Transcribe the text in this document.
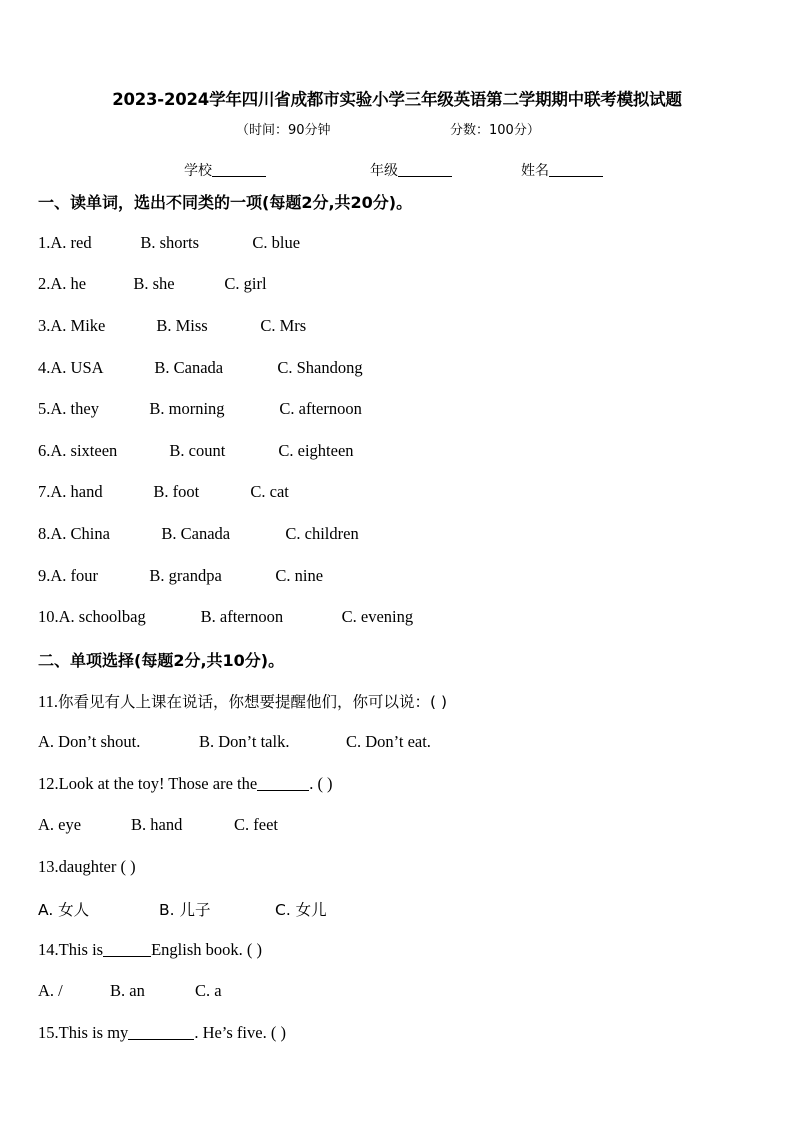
2023-2024学年四川省成都市实验小学三年级英语第二学期期中联考模拟试题
（时间：90分钟	分数：100分）
学校	年级	姓名
一、读单词，选出不同类的一项(每题2分,共20分)。
1.A. red	B. shorts	C. blue
2.A. he	B. she	C. girl
3.A. Mike	B. Miss	C. Mrs
4.A. USA	B. Canada	C. Shandong
5.A. they	B. morning	C. afternoon
6.A. sixteen	B. count	C. eighteen
7.A. hand	B. foot	C. cat
8.A. China	B. Canada	C. children
9.A. four	B. grandpa	C. nine
10.A. schoolbag	B. afternoon	C. evening
二、单项选择(每题2分,共10分)。
11.你看见有人上课在说话，你想要提醒他们，你可以说：( )
A. Don’t shout.	B. Don’t talk.	C. Don’t eat.
12.Look at the toy! Those are the	. ( )
A. eye	B. hand	C. feet
13.daughter ( )
A. 女人	B. 儿子	C. 女儿
14.This is	English book. ( )
A. /	B. an	C. a
15.This is my	. He’s five. ( )
